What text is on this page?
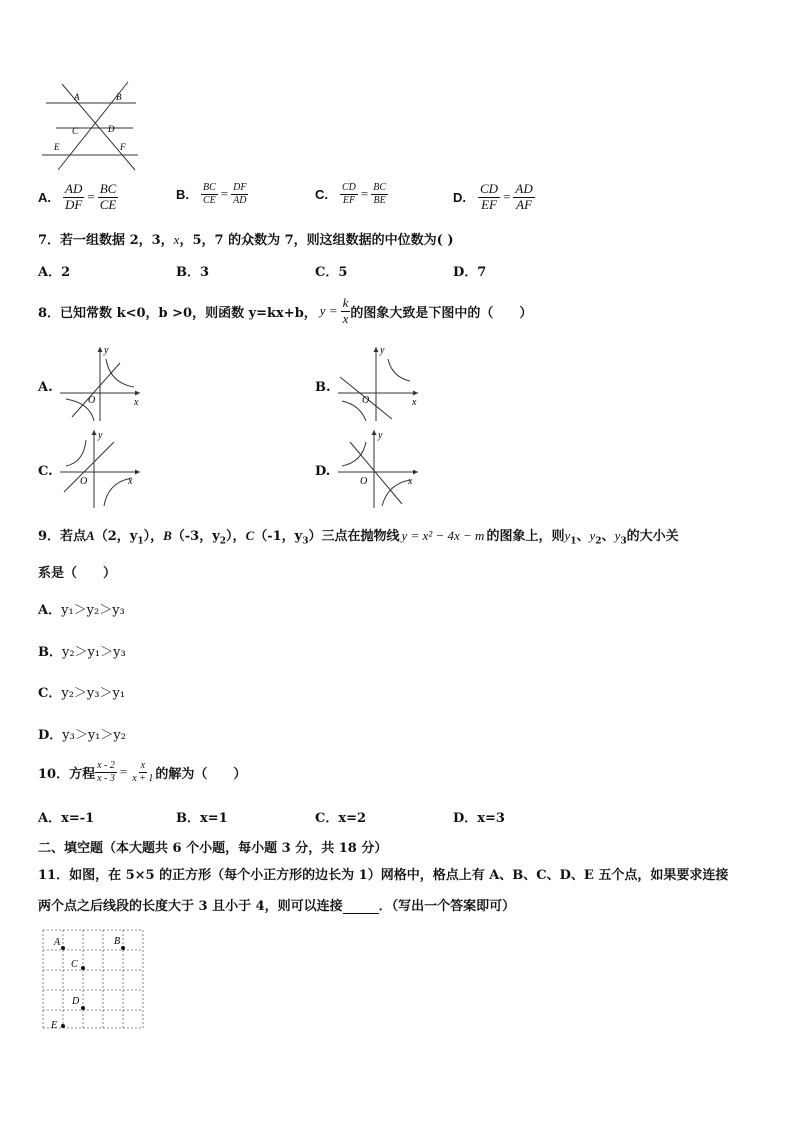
A	B
C	D
E	F
A. $\frac{AD}{DF} = \frac{BC}{CE}$	B. $\frac{BC}{CE} = \frac{DF}{AD}$	C. $\frac{CD}{EF} = \frac{BC}{BE}$	D. $\frac{CD}{EF} = \frac{AD}{AF}$
7．若一组数据 2，3，x，5，7 的众数为 7，则这组数据的中位数为( )
A．2	B．3	C．5	D．7
8．已知常数 k<0，b >0，则函数 y=kx+b， $y = \frac{k}{x}$ 的图象大致是下图中的（　　）
A.
y
x
O
B.
y
x
O
C.
y
x
O
D.
y
x
O
9．若点A（2，$y_1$），B（-3，$y_2$），C（-1，$y_3$）三点在抛物线 y = x² − 4x − m 的图象上，则$y_1$、$y_2$、$y_3$的大小关
系是（　　）
A．y₁＞y₂＞y₃
B．y₂＞y₁＞y₃
C．y₂＞y₃＞y₁
D．y₃＞y₁＞y₂
10．方程 $\frac{x - 2}{x - 3} = \frac{x}{x + 1}$ 的解为（　　）
A．x=-1	B．x=1	C．x=2	D．x=3
二、填空题（本大题共 6 个小题，每小题 3 分，共 18 分）
11．如图，在 5×5 的正方形（每个小正方形的边长为 1）网格中，格点上有 A、B、C、D、E 五个点，如果要求连接
两个点之后线段的长度大于 3 且小于 4，则可以连接	．（写出一个答案即可）
A	B
C
D
E
